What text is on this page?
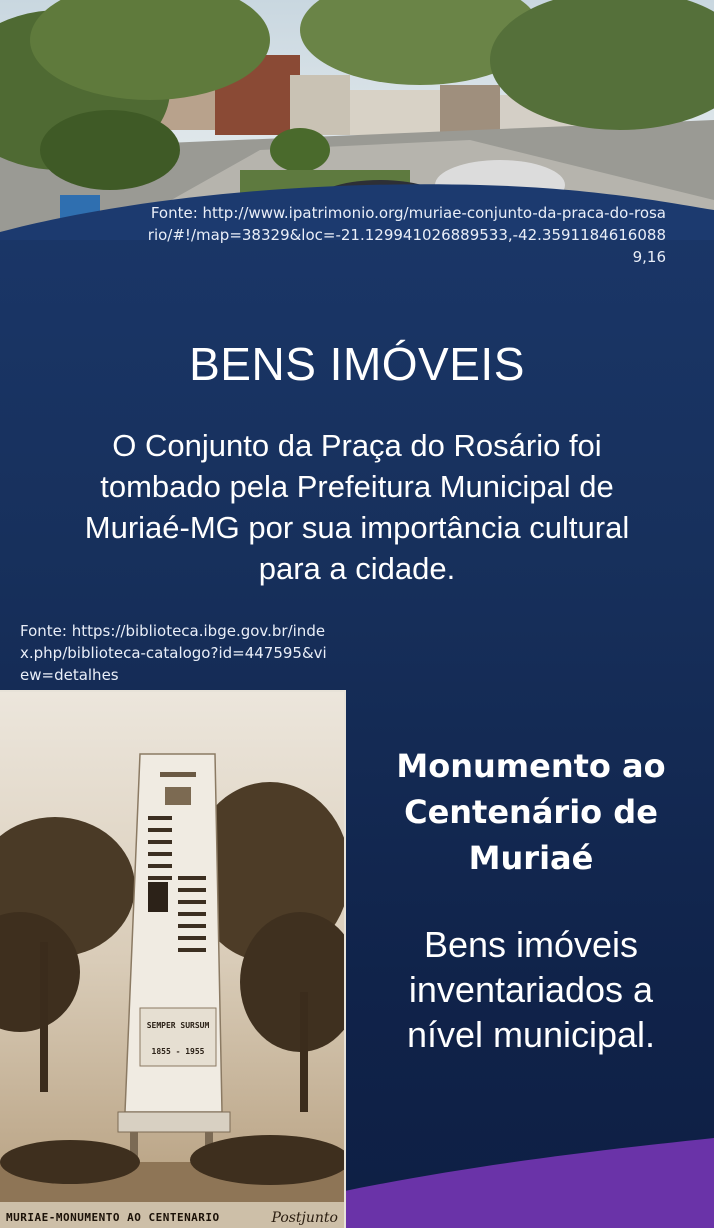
Fonte: http://www.ipatrimonio.org/muriae-conjunto-da-praca-do-rosario/#!/map=38329&loc=-21.129941026889533,-42.35911846160889,16
BENS IMÓVEIS
O Conjunto da Praça do Rosário foi tombado pela Prefeitura Municipal de Muriaé-MG por sua importância cultural para a cidade.
Fonte: https://biblioteca.ibge.gov.br/index.php/biblioteca-catalogo?id=447595&view=detalhes
SEMPER SURSUM
1855 - 1955
MURIAE-MONUMENTO AO CENTENARIO	Postjunto
Monumento ao Centenário de Muriaé
Bens imóveis inventariados a nível municipal.
